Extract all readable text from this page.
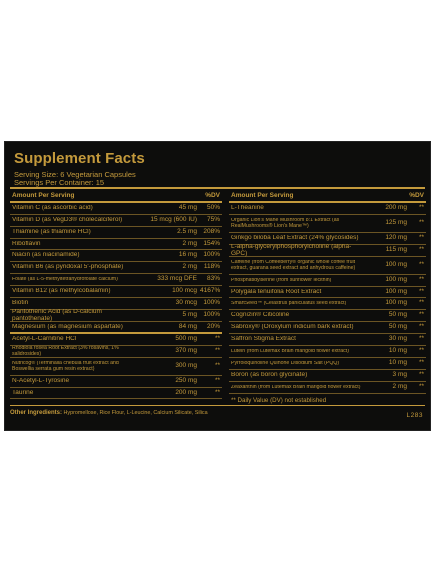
Supplement Facts
Serving Size: 6 Vegetarian Capsules
Servings Per Container: 15
Amount Per Serving	%DV
Vitamin C (as ascorbic acid)	45 mg	50%
Vitamin D (as VegD3® cholecalciferol)	15 mcg (600 IU)	75%
Thiamine (as thiamine HCl)	2.5 mg 208%
Riboflavin	2 mg 154%
Niacin (as niacinamide)	16 mg 100%
Vitamin B6 (as pyridoxal 5'-phosphate)	2 mg	118%
Folate (as L-5-methyltetrahydrofolate calcium)	333 mcg DFE	83%
Vitamin B12 (as methylcobalamin)	100 mcg 4167%
Biotin	30 mcg 100%
Pantothenic Acid (as D-calcium pantothenate)	5 mg 100%
Magnesium (as magnesium aspartate)	84 mg	20%
Acetyl-L-Carnitine HCl	500 mg	**
Rhodiola rosea Root Extract (3% rosavins, 1% salidrosides)	370 mg	**
Nutricog® (Terminalia chebula fruit extract and Boswellia serrata gum resin extract)	300 mg	**
N-Acetyl-L-Tyrosine	250 mg	**
Taurine	200 mg	**
Amount Per Serving	%DV
L-Theanine	200 mg	**
Organic Lion's Mane Mushroom 8:1 Extract (as RealMushrooms® Lion's Mane™)	125 mg	**
Ginkgo biloba Leaf Extract (24% glycosides)	120 mg	**
L-alpha-glycerylphosphorylcholine (alpha-GPC)	115 mg	**
Caffeine (from Coffeeberry® organic whole coffee fruit extract, guarana seed extract and anhydrous caffeine)	100 mg	**
Phosphatidylserine (from sunflower lecithin)	100 mg	**
Polygala tenuifolia Root Extract	100 mg	**
SmartSeed™ (Celastrus paniculatus seed extract)	100 mg	**
Cognizin® Citicoline	50 mg	**
Sabroxy® (Oroxylum indicum bark extract)	50 mg	**
Saffron Stigma Extract	30 mg	**
Lutein (from Lutemax Brain marigold flower extract)	10 mg	**
Pyrroloquinoline Quinone Disodium Salt (PQQ)	10 mg	**
Boron (as boron glycinate)	3 mg	**
Zeaxanthin (from Lutemax Brain marigold flower extract)	2 mg	**
** Daily Value (DV) not established
Other Ingredients: Hypromellose, Rice Flour, L-Leucine, Calcium Silicate, Silica	L283
